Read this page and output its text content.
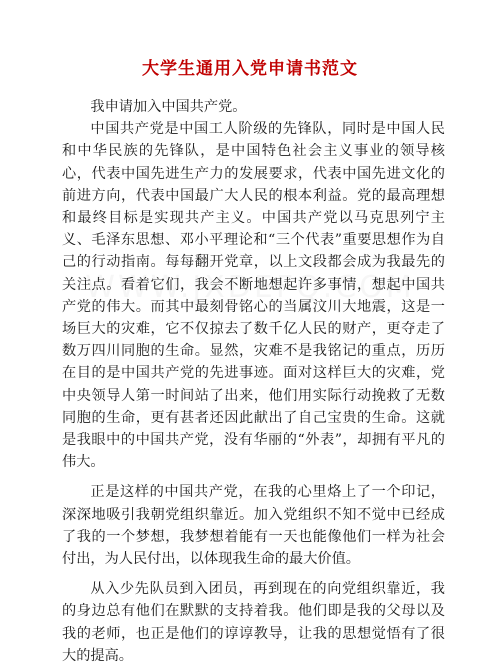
大学生通用入党申请书范文

我申请加入中国共产党。

中国共产党是中国工人阶级的先锋队，同时是中国人民和中华民族的先锋队，是中国特色社会主义事业的领导核心，代表中国先进生产力的发展要求，代表中国先进文化的前进方向，代表中国最广大人民的根本利益。党的最高理想和最终目标是实现共产主义。中国共产党以马克思列宁主义、毛泽东思想、邓小平理论和“三个代表”重要思想作为自己的行动指南。每每翻开党章，以上文段都会成为我最先的关注点。看着它们，我会不断地想起许多事情，想起中国共产党的伟大。而其中最刻骨铭心的当属汶川大地震，这是一场巨大的灾难，它不仅掠去了数千亿人民的财产，更夺走了数万四川同胞的生命。显然，灾难不是我铭记的重点，历历在目的是中国共产党的先进事迹。面对这样巨大的灾难，党中央领导人第一时间站了出来，他们用实际行动挽救了无数同胞的生命，更有甚者还因此献出了自己宝贵的生命。这就是我眼中的中国共产党，没有华丽的“外表”，却拥有平凡的伟大。

正是这样的中国共产党，在我的心里烙上了一个印记，深深地吸引我朝党组织靠近。加入党组织不知不觉中已经成了我的一个梦想，我梦想着能有一天也能像他们一样为社会付出，为人民付出，以体现我生命的最大价值。

从入少先队员到入团员，再到现在的向党组织靠近，我的身边总有他们在默默的支持着我。他们即是我的父母以及我的老师，也正是他们的谆谆教导，让我的思想觉悟有了很大的提高。
